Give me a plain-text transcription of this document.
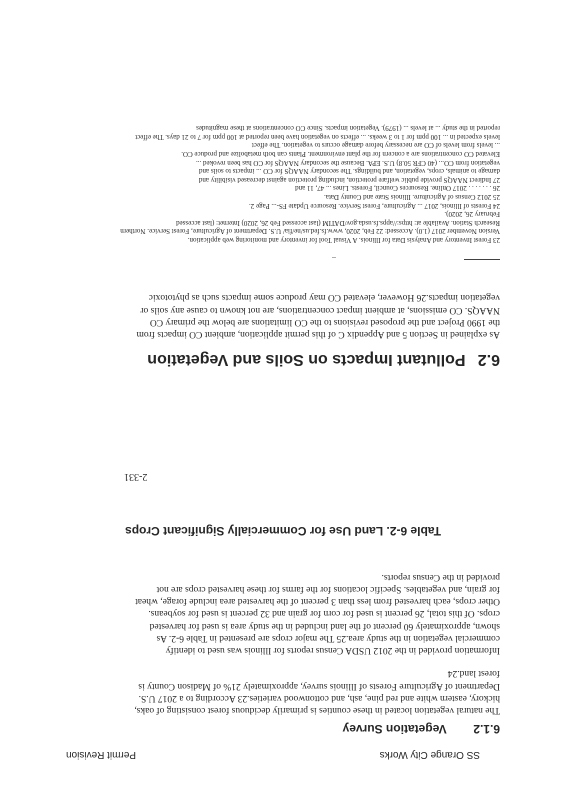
SS Orange City Works
Permit Revision
6.1.2 Vegetation Survey

The natural vegetation located in these counties is primarily deciduous forest consisting of oaks,

hickory, eastern white and red pine, ash, and cottonwood varieties.23 According to a 2017 U.S.

Department of Agriculture Forests of Illinois survey, approximately 21% of Madison County is

forest land.24

Information provided in the 2012 USDA Census reports for Illinois was used to identify

commercial vegetation in the study area.25 The major crops are presented in Table 6-2. As

shown, approximately 60 percent of the land included in the study area is used for harvested

crops. Of this total, 26 percent is used for corn for grain and 32 percent is used for soybeans.

Other crops, each harvested from less than 3 percent of the harvested area include forage, wheat

for grain, and vegetables. Specific locations for the farms for these harvested crops are not

provided in the Census reports.

Table 6-2. Land Use for Commercially Significant Crops
2-331
6.2 Pollutant Impacts on Soils and Vegetation

As explained in Section 5 and Appendix C of this permit application, ambient CO impacts from

the 1990 Project and the proposed revisions to the CO limitations are below the primary CO

NAAQS. CO emissions, at ambient impact concentrations, are not known to cause any soils or

vegetation impacts.26 However, elevated CO may produce some impacts such as phytotoxic

..

23 Forest Inventory and Analysis Data for Illinois. A Visual Tool for inventory and monitoring web application.

Version November 2017 (1.0). Accessed: 22 Feb, 2020, www.fs.fed.us/ne/fia/ U.S. Department of Agriculture, Forest Service. Northern

Research Station. Available at: https://apps.fs.usda.gov/DATIM (last accessed Feb 26, 2020) Internet: (last accessed

February 26, 2020).

24 Forests of Illinois, 2017 ... Agriculture, Forest Service. Resource Update FS-... Page 2.

25 2012 Census of Agriculture. Illinois State and County Data.

26 . . . . . . . 2017 Online. Resources Council, Forests. Lines ... 47, 11 and

27 Indirect NAAQS provide public welfare protection, including protection against decreased visibility and

damage to animals, crops, vegetation, and buildings. The secondary NAAQS for CO ... impacts to soils and

vegetation from CO... (40 CFR 50.8) U.S. EPA. Because the secondary NAAQS for CO has been revoked ...

Elevated CO concentrations are a concern for the plant environment. Plants can both metabolize and produce CO.

... levels from levels of CO are necessary before damage occurs to vegetation. The effect

levels expected in ... 100 ppm for 1 to 3 weeks. ... effects on vegetation have been reported at 100 ppm for 7 to 21 days. The effect

reported in the study ... at levels ... (1979). Vegetation impacts. Since CO concentrations at these magnitudes
